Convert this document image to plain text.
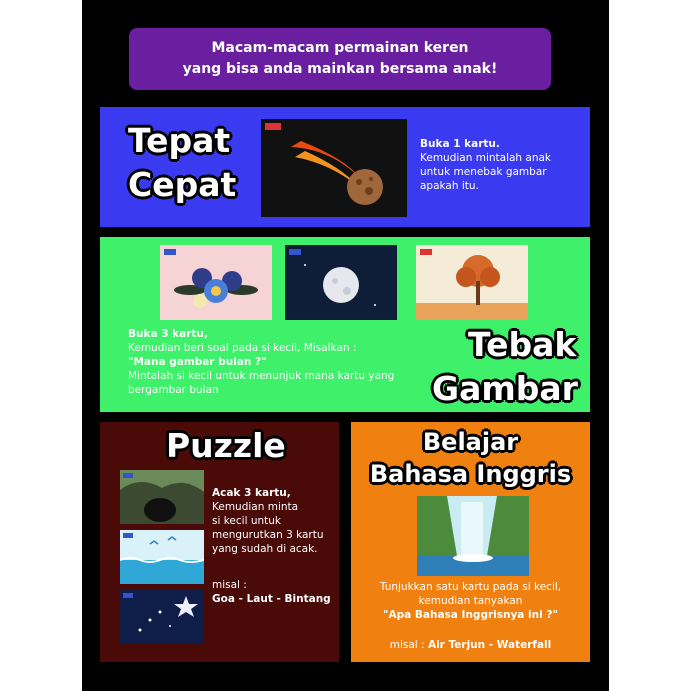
Macam-macam permainan keren
yang bisa anda mainkan bersama anak!
Tepat
Cepat
Buka 1 kartu.
Kemudian mintalah anak
untuk menebak gambar
apakah itu.
Tebak
Gambar
Buka 3 kartu,
Kemudian beri soal pada si kecil, Misalkan :
"Mana gambar bulan ?"
Mintalah si kecil untuk menunjuk mana kartu yang
bergambar bulan
Puzzle
Acak 3 kartu,
Kemudian minta
si kecil untuk
mengurutkan 3 kartu
yang sudah di acak.
misal :
Goa - Laut - Bintang
Belajar
Bahasa Inggris
Tunjukkan satu kartu pada si kecil,
kemudian tanyakan
"Apa Bahasa Inggrisnya ini ?"
misal : Air Terjun - Waterfall
